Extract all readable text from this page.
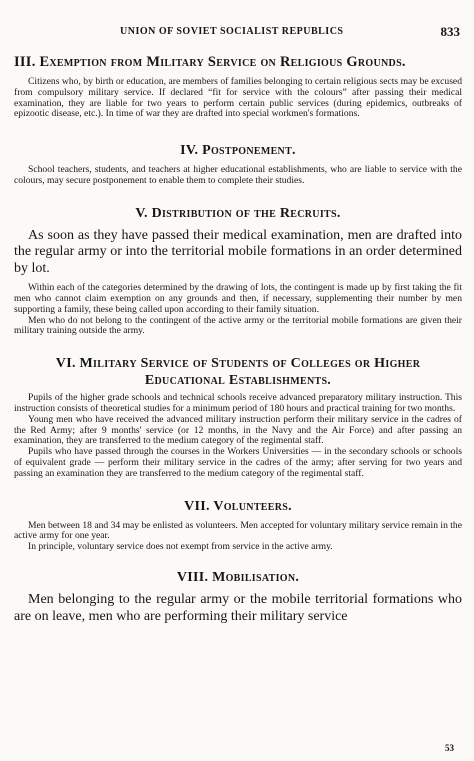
UNION OF SOVIET SOCIALIST REPUBLICS	833
III. Exemption from Military Service on Religious Grounds.

Citizens who, by birth or education, are members of families belonging to certain religious sects may be excused from compulsory military service. If declared “fit for service with the colours” after passing their medical examination, they are liable for two years to perform certain public services (during epidemics, outbreaks of epizootic disease, etc.). In time of war they are drafted into special workmen's formations.

IV. Postponement.

School teachers, students, and teachers at higher educational establishments, who are liable to service with the colours, may secure postponement to enable them to complete their studies.

V. Distribution of the Recruits.

As soon as they have passed their medical examination, men are drafted into the regular army or into the territorial mobile formations in an order determined by lot.

Within each of the categories determined by the drawing of lots, the contingent is made up by first taking the fit men who cannot claim exemption on any grounds and then, if necessary, supplementing their number by men supporting a family, these being called upon according to their family situation.

Men who do not belong to the contingent of the active army or the territorial mobile formations are given their military training outside the army.

VI. Military Service of Students of Colleges or Higher
Educational Establishments.

Pupils of the higher grade schools and technical schools receive advanced preparatory military instruction. This instruction consists of theoretical studies for a minimum period of 180 hours and practical training for two months.

Young men who have received the advanced military instruction perform their military service in the cadres of the Red Army; after 9 months' service (or 12 months, in the Navy and the Air Force) and after passing an examination, they are transferred to the medium category of the regimental staff.

Pupils who have passed through the courses in the Workers Universities — in the secondary schools or schools of equivalent grade — perform their military service in the cadres of the army; after serving for two years and passing an examination they are transferred to the medium category of the regimental staff.

VII. Volunteers.

Men between 18 and 34 may be enlisted as volunteers. Men accepted for voluntary military service remain in the active army for one year.

In principle, voluntary service does not exempt from service in the active army.

VIII. Mobilisation.

Men belonging to the regular army or the mobile territorial formations who are on leave, men who are performing their military service

53
